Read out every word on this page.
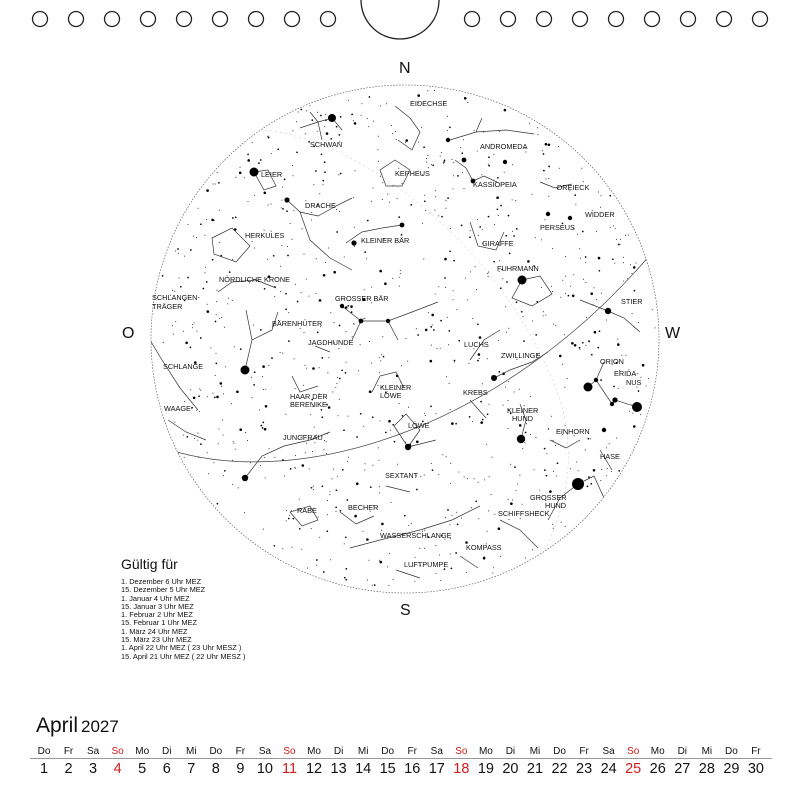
EIDECHSE
SCHWAN	ANDROMEDA
LEIER	KEPHEUS
KASSIOPEIA	DREIECK
DRACHE
WIDDER
PERSEUS
HERKULES
KLEINER BÄR	GIRAFFE
FUHRMANN
NÖRDLICHE KRONE
SCHLANGEN-
TRÄGER
GROSSER BÄR	STIER
BÄRENHÜTER
JAGDHUNDE	LUCHS
ORION
ZWILLINGE
SCHLANGE
ERIDA-
NUS
KLEINER
LÖWE
HAAR DER
BERENIKE
KREBS
WAAGE	KLEINER
HUND
LÖWE
JUNGFRAU
EINHORN
HASE
SEXTANT
GROSSER
HUND
RABE	BECHER
SCHIFFSHECK
WASSERSCHLANGE
KOMPASS
LUFTPUMPE
N
S
O	W
Gültig für
1. Dezember 6 Uhr MEZ
15. Dezember 5 Uhr MEZ
1. Januar 4 Uhr MEZ
15. Januar 3 Uhr MEZ
1. Februar 2 Uhr MEZ
15. Februar 1 Uhr MEZ
1. März 24 Uhr MEZ
15. März 23 Uhr MEZ
1. April 22 Uhr MEZ ( 23 Uhr MESZ )
15. April 21 Uhr MEZ ( 22 Uhr MESZ )
April 2027
Do
1
Fr
2
Sa
3
So
4
Mo
5
Di
6
Mi
7
Do
8
Fr
9
Sa
10
So
11
Mo
12
Di
13
Mi
14
Do
15
Fr
16
Sa
17
So
18
Mo
19
Di
20
Mi
21
Do
22
Fr
23
Sa
24
So
25
Mo
26
Di
27
Mi
28
Do
29
Fr
30
